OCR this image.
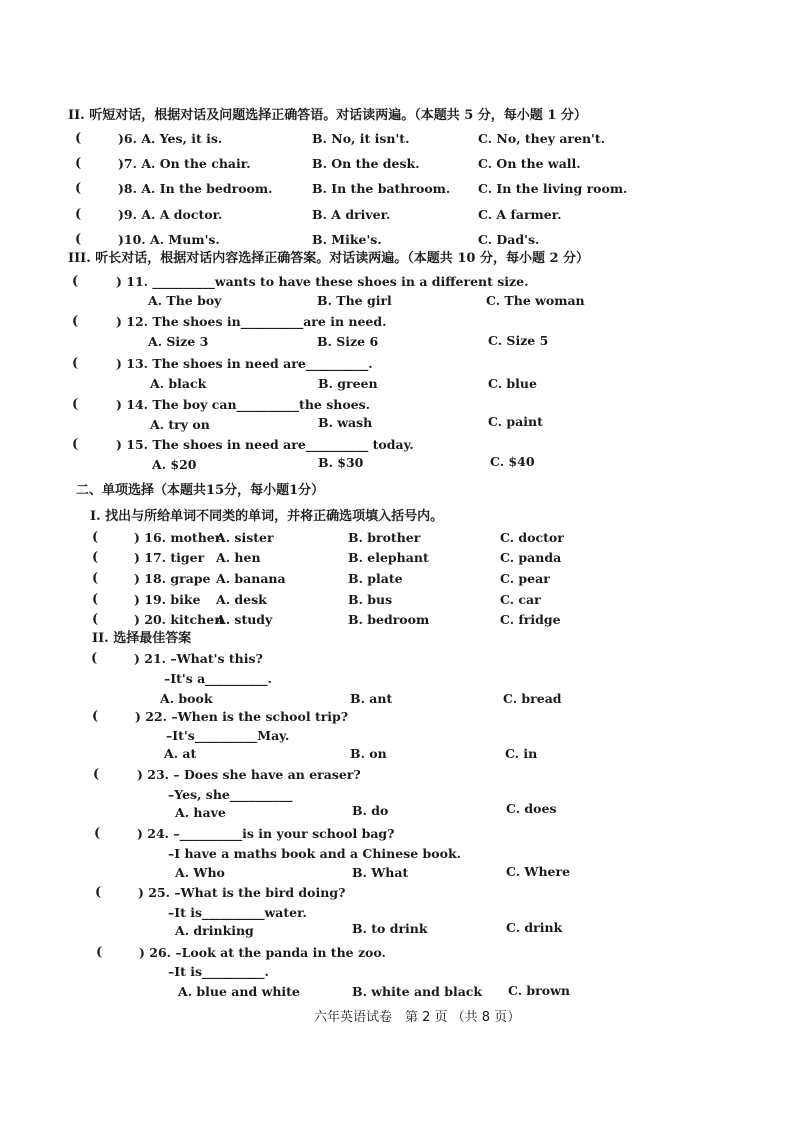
II. 听短对话，根据对话及问题选择正确答语。对话读两遍。（本题共 5 分，每小题 1 分）
(	)6. A. Yes, it is.	B. No, it isn't.	C. No, they aren't.
(	)7. A. On the chair.	B. On the desk.	C. On the wall.
(	)8. A. In the bedroom.	B. In the bathroom. C. In the living room.
(	)9. A. A doctor.	B. A driver.	C. A farmer.
(	)10. A. Mum's.	B. Mike's.	C. Dad's.
III. 听长对话，根据对话内容选择正确答案。对话读两遍。（本题共 10 分，每小题 2 分）
(	) 11. __________wants to have these shoes in a different size.
A. The boy	B. The girl	C. The woman
(	) 12. The shoes in__________are in need.
A. Size 3	B. Size 6	C. Size 5
(	) 13. The shoes in need are__________.
A. black	B. green	C. blue
(	) 14. The boy can__________the shoes.
A. try on	B. wash	C. paint
(	) 15. The shoes in need are__________ today.
A. $20	B. $30	C. $40
二、单项选择（本题共15分，每小题1分）
I. 找出与所给单词不同类的单词，并将正确选项填入括号内。
(	) 16. mother
A. sister	B. brother	C. doctor
(	) 17. tiger A. hen	B. elephant	C. panda
(	) 18. grape A. banana	B. plate	C. pear
(	) 19. bike A. desk	B. bus	C. car
(	) 20. kitchen
A. study	B. bedroom	C. fridge
II. 选择最佳答案
(	) 21. –What's this?
–It's a__________.
A. book	B. ant	C. bread
(	) 22. –When is the school trip?
–It's__________May.
A. at	B. on	C. in
(	) 23. – Does she have an eraser?
–Yes, she__________
A. have	B. do	C. does
(	) 24. –__________is in your school bag?
–I have a maths book and a Chinese book.
A. Who	B. What	C. Where
(	) 25. –What is the bird doing?
–It is__________water.
A. drinking	B. to drink	C. drink
(	) 26. –Look at the panda in the zoo.
–It is__________.
A. blue and white	B. white and black C. brown
六年英语试卷　第 2 页 （共 8 页）
